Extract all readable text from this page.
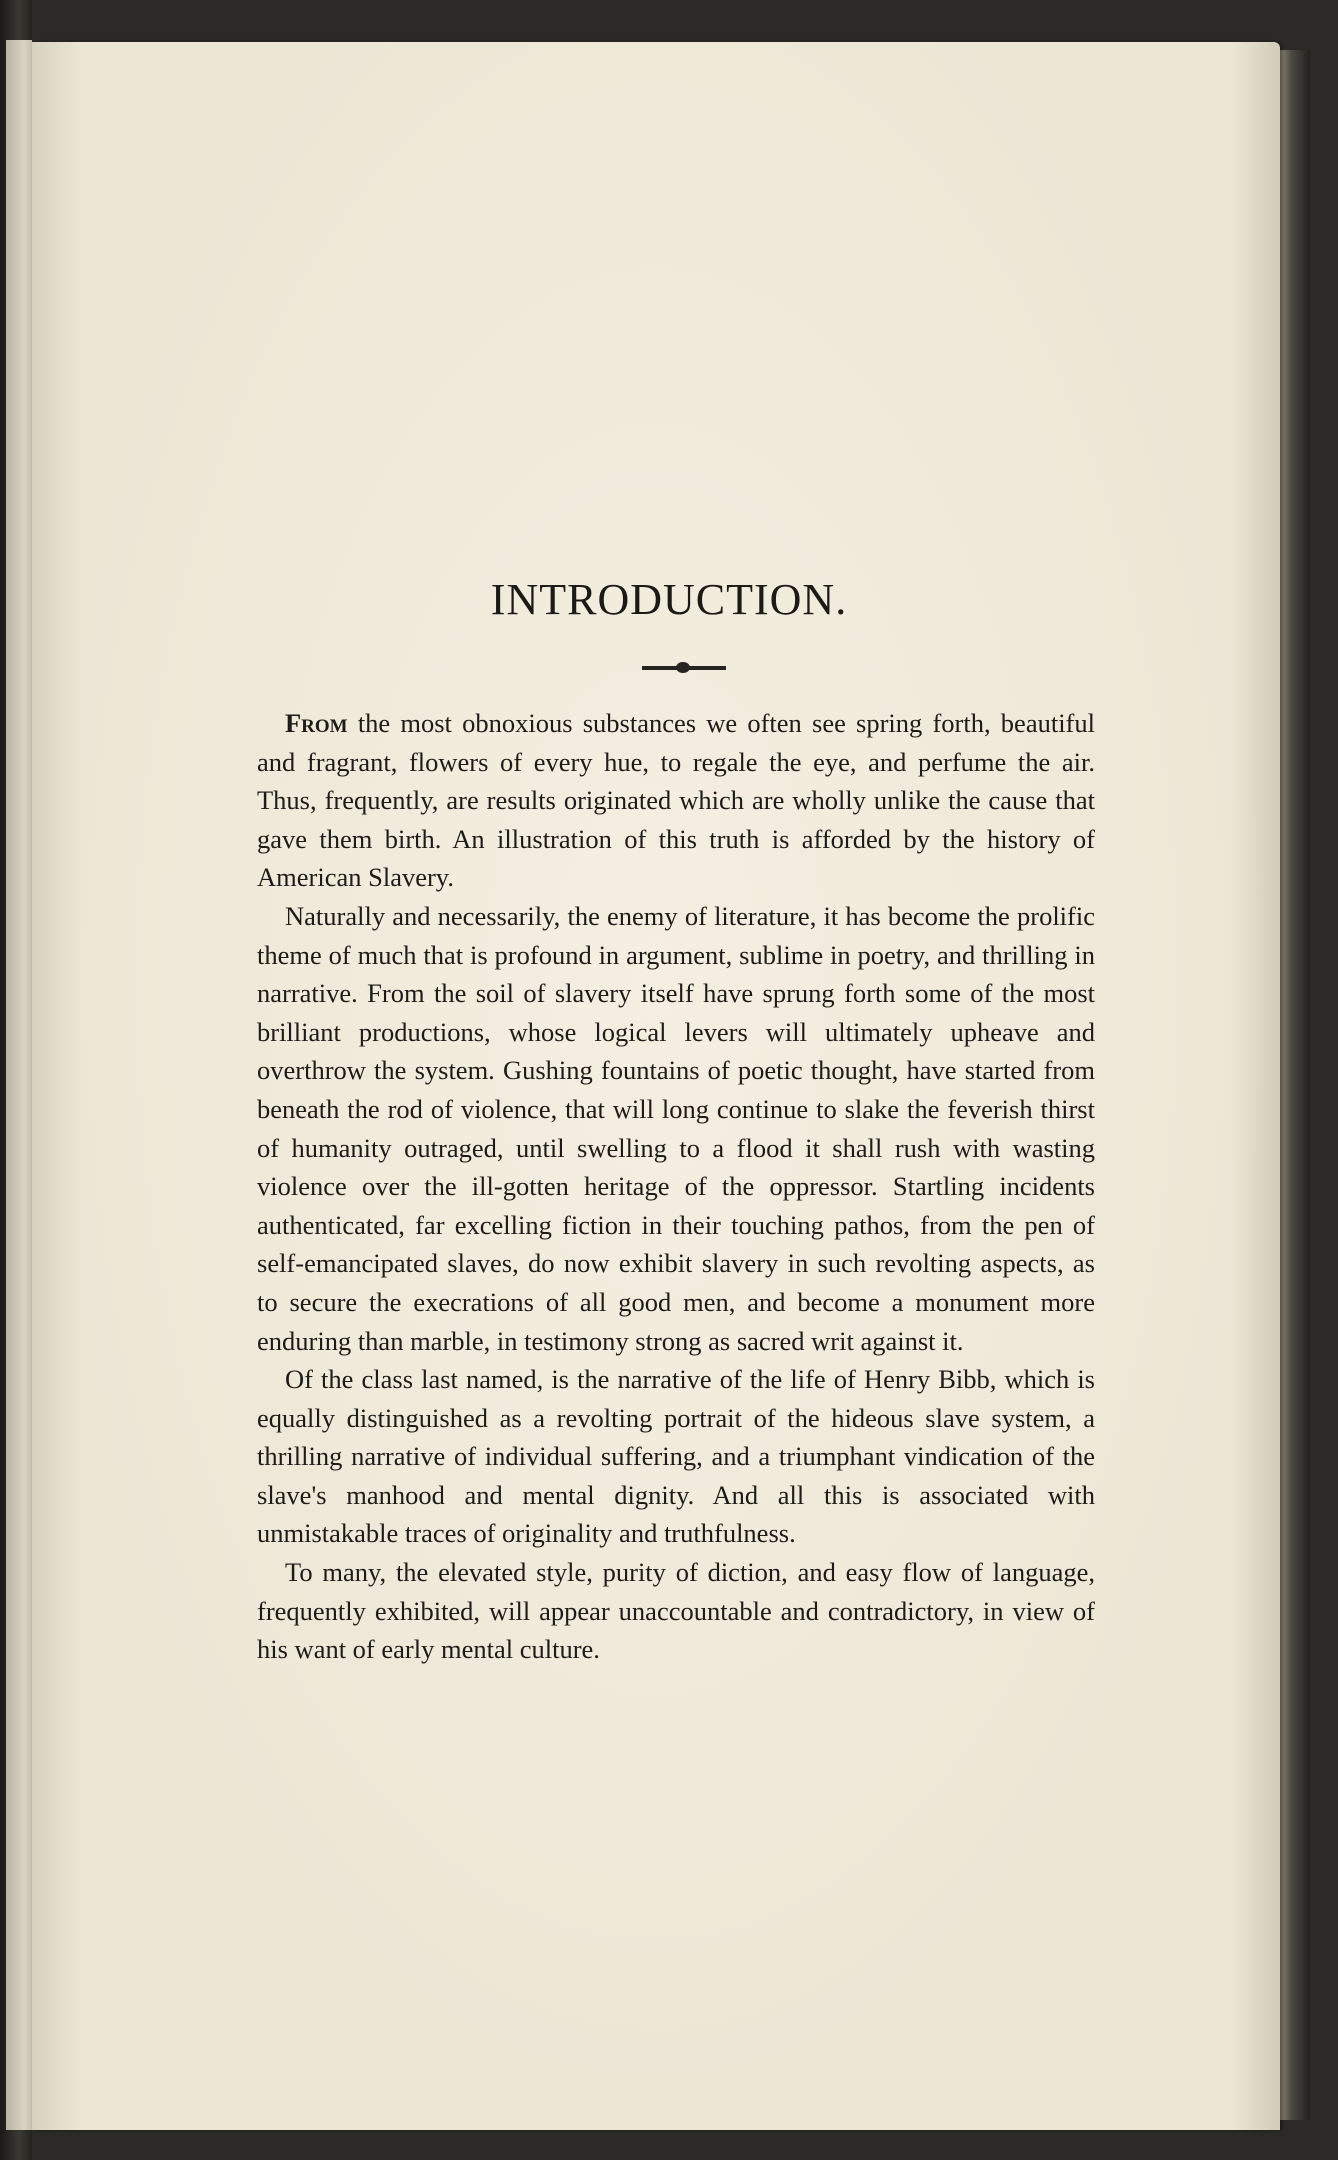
INTRODUCTION.

From the most obnoxious substances we often see spring forth, beautiful and fragrant, flowers of every hue, to regale the eye, and perfume the air. Thus, frequently, are results originated which are wholly unlike the cause that gave them birth. An illustration of this truth is afforded by the history of American Slavery.

Naturally and necessarily, the enemy of literature, it has become the prolific theme of much that is profound in argument, sublime in poetry, and thrilling in narrative. From the soil of slavery itself have sprung forth some of the most brilliant productions, whose logical levers will ultimately upheave and overthrow the system. Gushing fountains of poetic thought, have started from beneath the rod of violence, that will long continue to slake the feverish thirst of humanity outraged, until swelling to a flood it shall rush with wasting violence over the ill-gotten heritage of the oppressor. Startling incidents authenticated, far excelling fiction in their touching pathos, from the pen of self-emancipated slaves, do now exhibit slavery in such revolting aspects, as to secure the execrations of all good men, and become a monument more enduring than marble, in testimony strong as sacred writ against it.

Of the class last named, is the narrative of the life of Henry Bibb, which is equally distinguished as a revolting portrait of the hideous slave system, a thrilling narrative of individual suffering, and a triumphant vindication of the slave's manhood and mental dignity. And all this is associated with unmistakable traces of originality and truthfulness.

To many, the elevated style, purity of diction, and easy flow of language, frequently exhibited, will appear unaccountable and contradictory, in view of his want of early mental culture.
